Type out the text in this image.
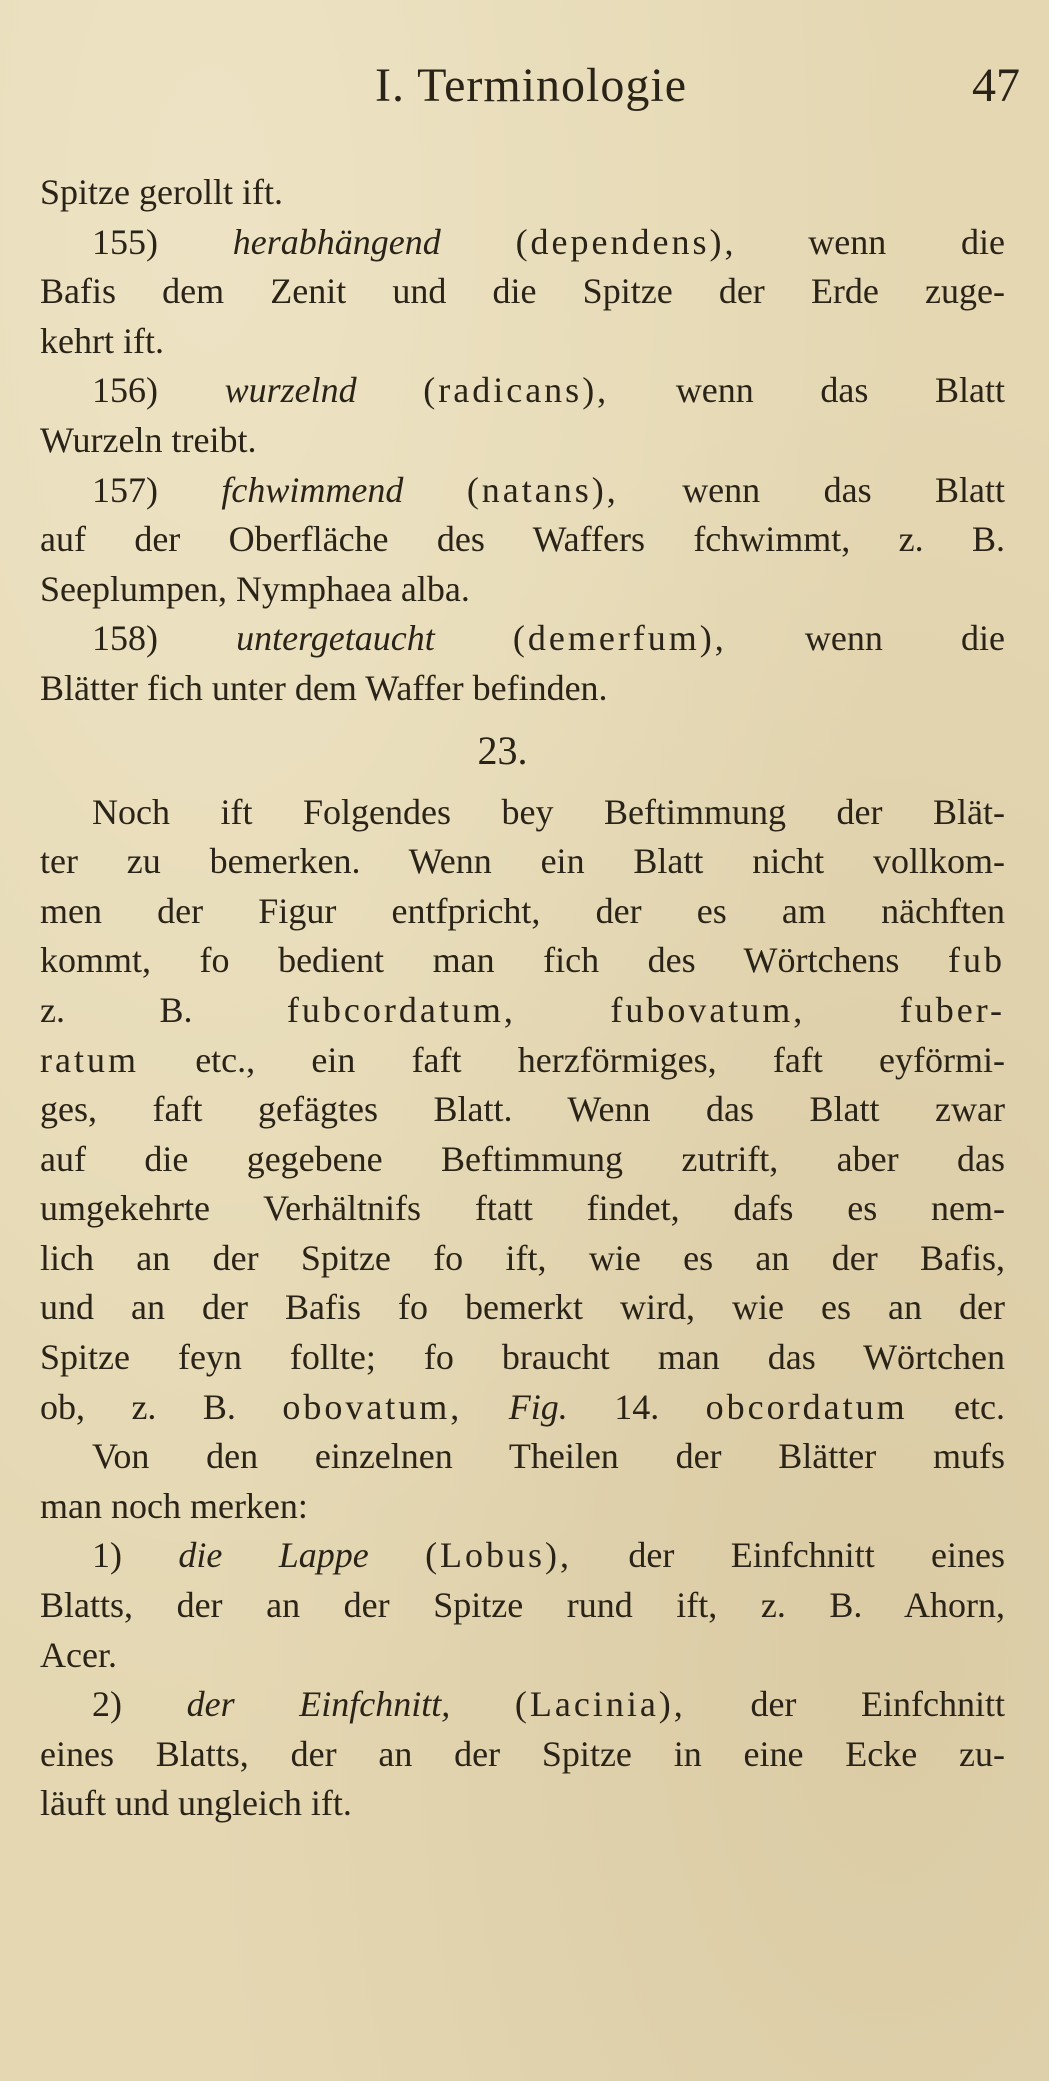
I. Terminologie	47
Spitze gerollt ift.
155) herabhängend (dependens), wenn die
Bafis dem Zenit und die Spitze der Erde zuge-
kehrt ift.
156) wurzelnd (radicans), wenn das Blatt
Wurzeln treibt.
157) fchwimmend (natans), wenn das Blatt
auf der Oberfläche des Waffers fchwimmt, z. B.
Seeplumpen, Nymphaea alba.
158) untergetaucht (demerfum), wenn die
Blätter fich unter dem Waffer befinden.
23.
Noch ift Folgendes bey Beftimmung der Blät-
ter zu bemerken. Wenn ein Blatt nicht vollkom-
men der Figur entfpricht, der es am nächften
kommt, fo bedient man fich des Wörtchens fub
z. B. fubcordatum,	fubovatum,	fuber-
ratum etc., ein faft herzförmiges, faft eyförmi-
ges, faft gefägtes Blatt. Wenn das Blatt zwar
auf die gegebene Beftimmung zutrift, aber das
umgekehrte Verhältnifs ftatt findet, dafs es nem-
lich an der Spitze fo ift, wie es an der Bafis,
und an der Bafis fo bemerkt wird, wie es an der
Spitze feyn follte; fo braucht man das Wörtchen
ob, z. B. obovatum, Fig. 14. obcordatum etc.
Von den einzelnen Theilen der Blätter mufs
man noch merken:
1) die Lappe (Lobus), der Einfchnitt eines
Blatts, der an der Spitze rund ift, z. B. Ahorn,
Acer.
2) der Einfchnitt, (Lacinia), der Einfchnitt
eines Blatts, der an der Spitze in eine Ecke zu-
läuft und ungleich ift.
